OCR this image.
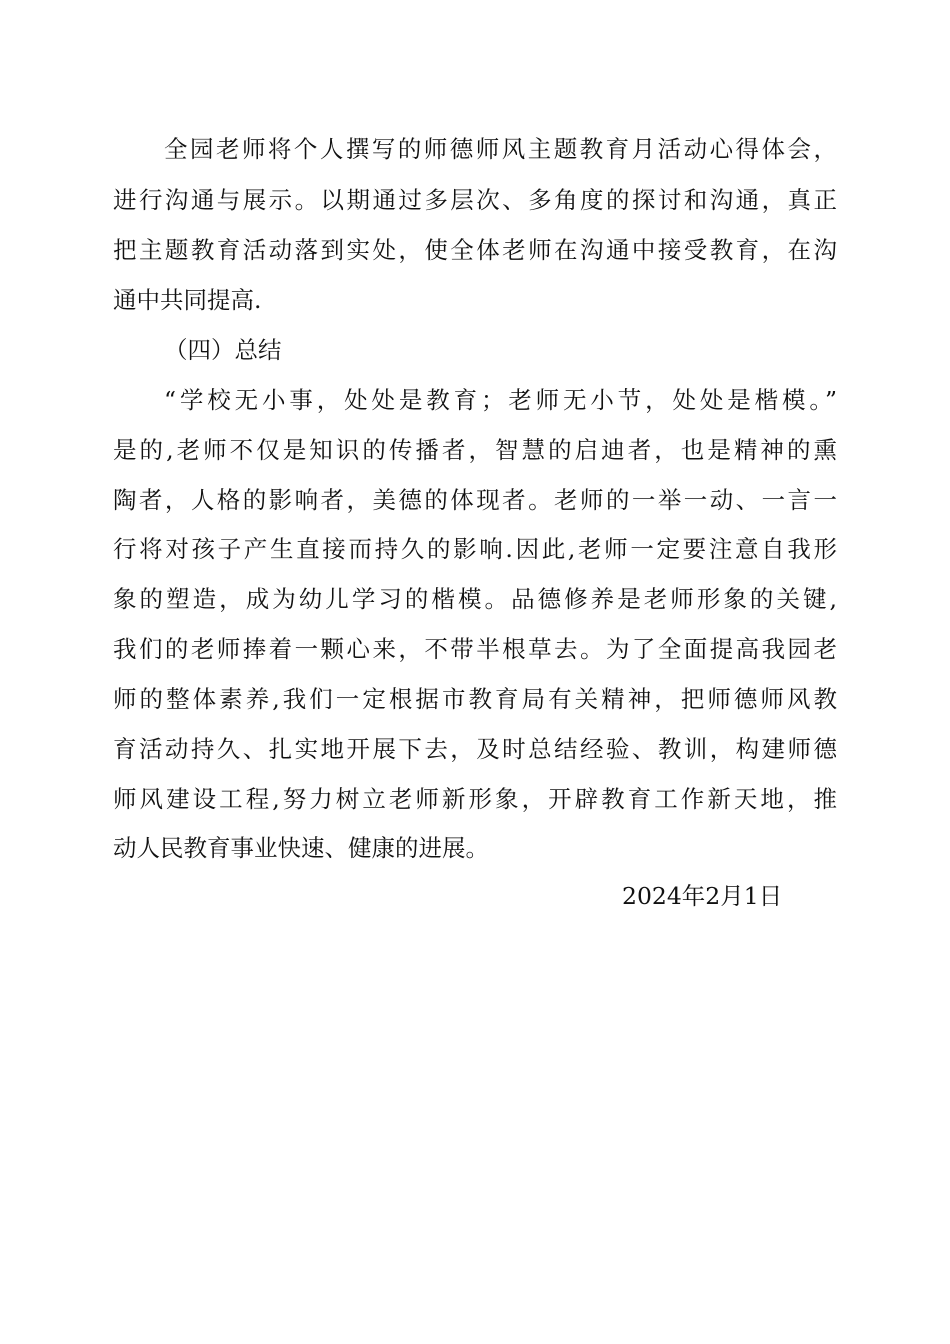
全园老师将个人撰写的师德师风主题教育月活动心得体会，
进行沟通与展示。以期通过多层次、多角度的探讨和沟通，真正
把主题教育活动落到实处，使全体老师在沟通中接受教育，在沟
通中共同提高.
（四）总结
“学校无小事，处处是教育；老师无小节，处处是楷模。”
是的,老师不仅是知识的传播者，智慧的启迪者，也是精神的熏
陶者，人格的影响者，美德的体现者。老师的一举一动、一言一
行将对孩子产生直接而持久的影响.因此,老师一定要注意自我形
象的塑造，成为幼儿学习的楷模。品德修养是老师形象的关键,
我们的老师捧着一颗心来，不带半根草去。为了全面提高我园老
师的整体素养,我们一定根据市教育局有关精神，把师德师风教
育活动持久、扎实地开展下去，及时总结经验、教训，构建师德
师风建设工程,努力树立老师新形象，开辟教育工作新天地，推
动人民教育事业快速、健康的进展。
2024年2月1日
